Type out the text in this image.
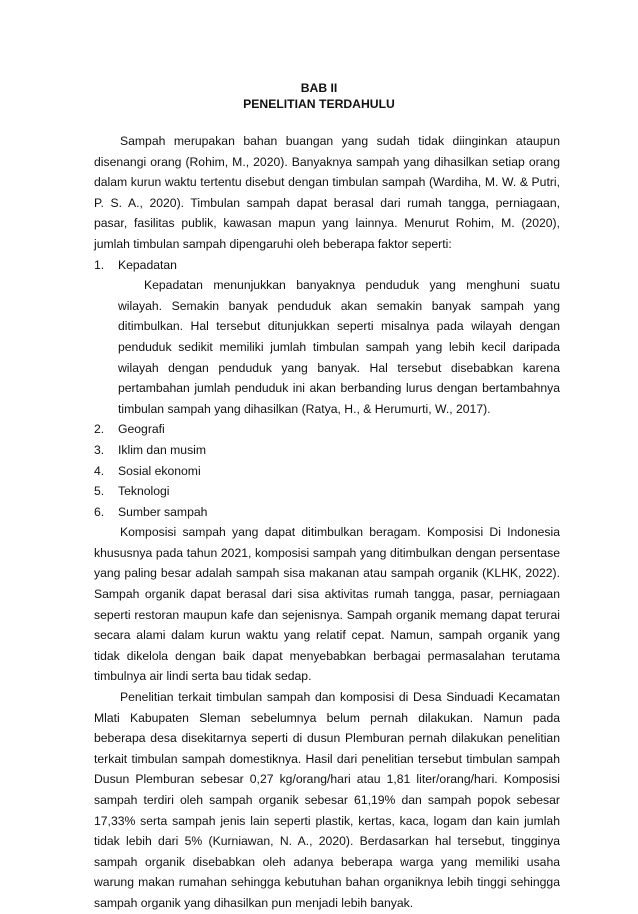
BAB II
PENELITIAN TERDAHULU

Sampah merupakan bahan buangan yang sudah tidak diinginkan ataupun disenangi orang (Rohim, M., 2020). Banyaknya sampah yang dihasilkan setiap orang dalam kurun waktu tertentu disebut dengan timbulan sampah (Wardiha, M. W. & Putri, P. S. A., 2020). Timbulan sampah dapat berasal dari rumah tangga, perniagaan, pasar, fasilitas publik, kawasan mapun yang lainnya. Menurut Rohim, M. (2020), jumlah timbulan sampah dipengaruhi oleh beberapa faktor seperti:

1.	Kepadatan

Kepadatan menunjukkan banyaknya penduduk yang menghuni suatu wilayah. Semakin banyak penduduk akan semakin banyak sampah yang ditimbulkan. Hal tersebut ditunjukkan seperti misalnya pada wilayah dengan penduduk sedikit memiliki jumlah timbulan sampah yang lebih kecil daripada wilayah dengan penduduk yang banyak. Hal tersebut disebabkan karena pertambahan jumlah penduduk ini akan berbanding lurus dengan bertambahnya timbulan sampah yang dihasilkan (Ratya, H., & Herumurti, W., 2017).

2.	Geografi
3.	Iklim dan musim
4.	Sosial ekonomi
5.	Teknologi
6.	Sumber sampah

Komposisi sampah yang dapat ditimbulkan beragam. Komposisi Di Indonesia khususnya pada tahun 2021, komposisi sampah yang ditimbulkan dengan persentase yang paling besar adalah sampah sisa makanan atau sampah organik (KLHK, 2022). Sampah organik dapat berasal dari sisa aktivitas rumah tangga, pasar, perniagaan seperti restoran maupun kafe dan sejenisnya. Sampah organik memang dapat terurai secara alami dalam kurun waktu yang relatif cepat. Namun, sampah organik yang tidak dikelola dengan baik dapat menyebabkan berbagai permasalahan terutama timbulnya air lindi serta bau tidak sedap.

Penelitian terkait timbulan sampah dan komposisi di Desa Sinduadi Kecamatan Mlati Kabupaten Sleman sebelumnya belum pernah dilakukan. Namun pada beberapa desa disekitarnya seperti di dusun Plemburan pernah dilakukan penelitian terkait timbulan sampah domestiknya. Hasil dari penelitian tersebut timbulan sampah Dusun Plemburan sebesar 0,27 kg/orang/hari atau 1,81 liter/orang/hari. Komposisi sampah terdiri oleh sampah organik sebesar 61,19% dan sampah popok sebesar 17,33% serta sampah jenis lain seperti plastik, kertas, kaca, logam dan kain jumlah tidak lebih dari 5% (Kurniawan, N. A., 2020). Berdasarkan hal tersebut, tingginya sampah organik disebabkan oleh adanya beberapa warga yang memiliki usaha warung makan rumahan sehingga kebutuhan bahan organiknya lebih tinggi sehingga sampah organik yang dihasilkan pun menjadi lebih banyak.
